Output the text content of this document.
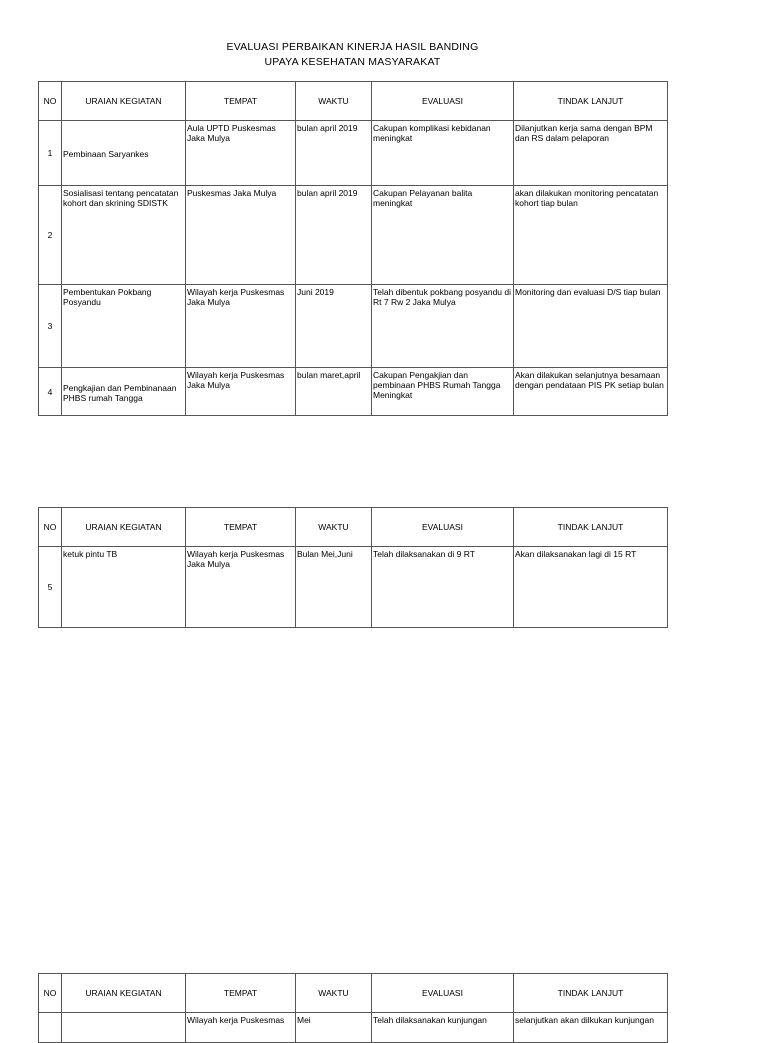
EVALUASI PERBAIKAN KINERJA HASIL BANDING
UPAYA KESEHATAN MASYARAKAT
NO	URAIAN KEGIATAN	TEMPAT	WAKTU	EVALUASI	TINDAK LANJUT
1	Pembinaan Saryankes	Aula UPTD Puskesmas Jaka Mulya	bulan april 2019	Cakupan komplikasi kebidanan meningkat	Dilanjutkan kerja sama dengan BPM dan RS dalam pelaporan
2	Sosialisasi tentang pencatatan kohort dan skrining SDISTK	Puskesmas Jaka Mulya	bulan april 2019	Cakupan Pelayanan balita meningkat	akan dilakukan monitoring pencatatan kohort tiap bulan
3	Pembentukan Pokbang Posyandu	Wilayah kerja Puskesmas Jaka Mulya	Juni 2019	Telah dibentuk pokbang posyandu di Rt 7 Rw 2 Jaka Mulya	Monitoring dan evaluasi D/S tiap bulan
4	Pengkajian dan Pembinanaan PHBS rumah Tangga	Wilayah kerja Puskesmas Jaka Mulya	bulan maret,april	Cakupan Pengakjian dan pembinaan PHBS Rumah Tangga Meningkat	Akan dilakukan selanjutnya besamaan dengan pendataan PIS PK setiap bulan
NO	URAIAN KEGIATAN	TEMPAT	WAKTU	EVALUASI	TINDAK LANJUT
5	ketuk pintu TB	Wilayah kerja Puskesmas Jaka Mulya	Bulan Mei,Juni	Telah dilaksanakan di 9 RT	Akan dilaksanakan lagi di 15 RT
NO	URAIAN KEGIATAN	TEMPAT	WAKTU	EVALUASI	TINDAK LANJUT
		Wilayah kerja Puskesmas	Mei	Telah dilaksanakan kunjungan	selanjutkan akan dilkukan kunjungan
